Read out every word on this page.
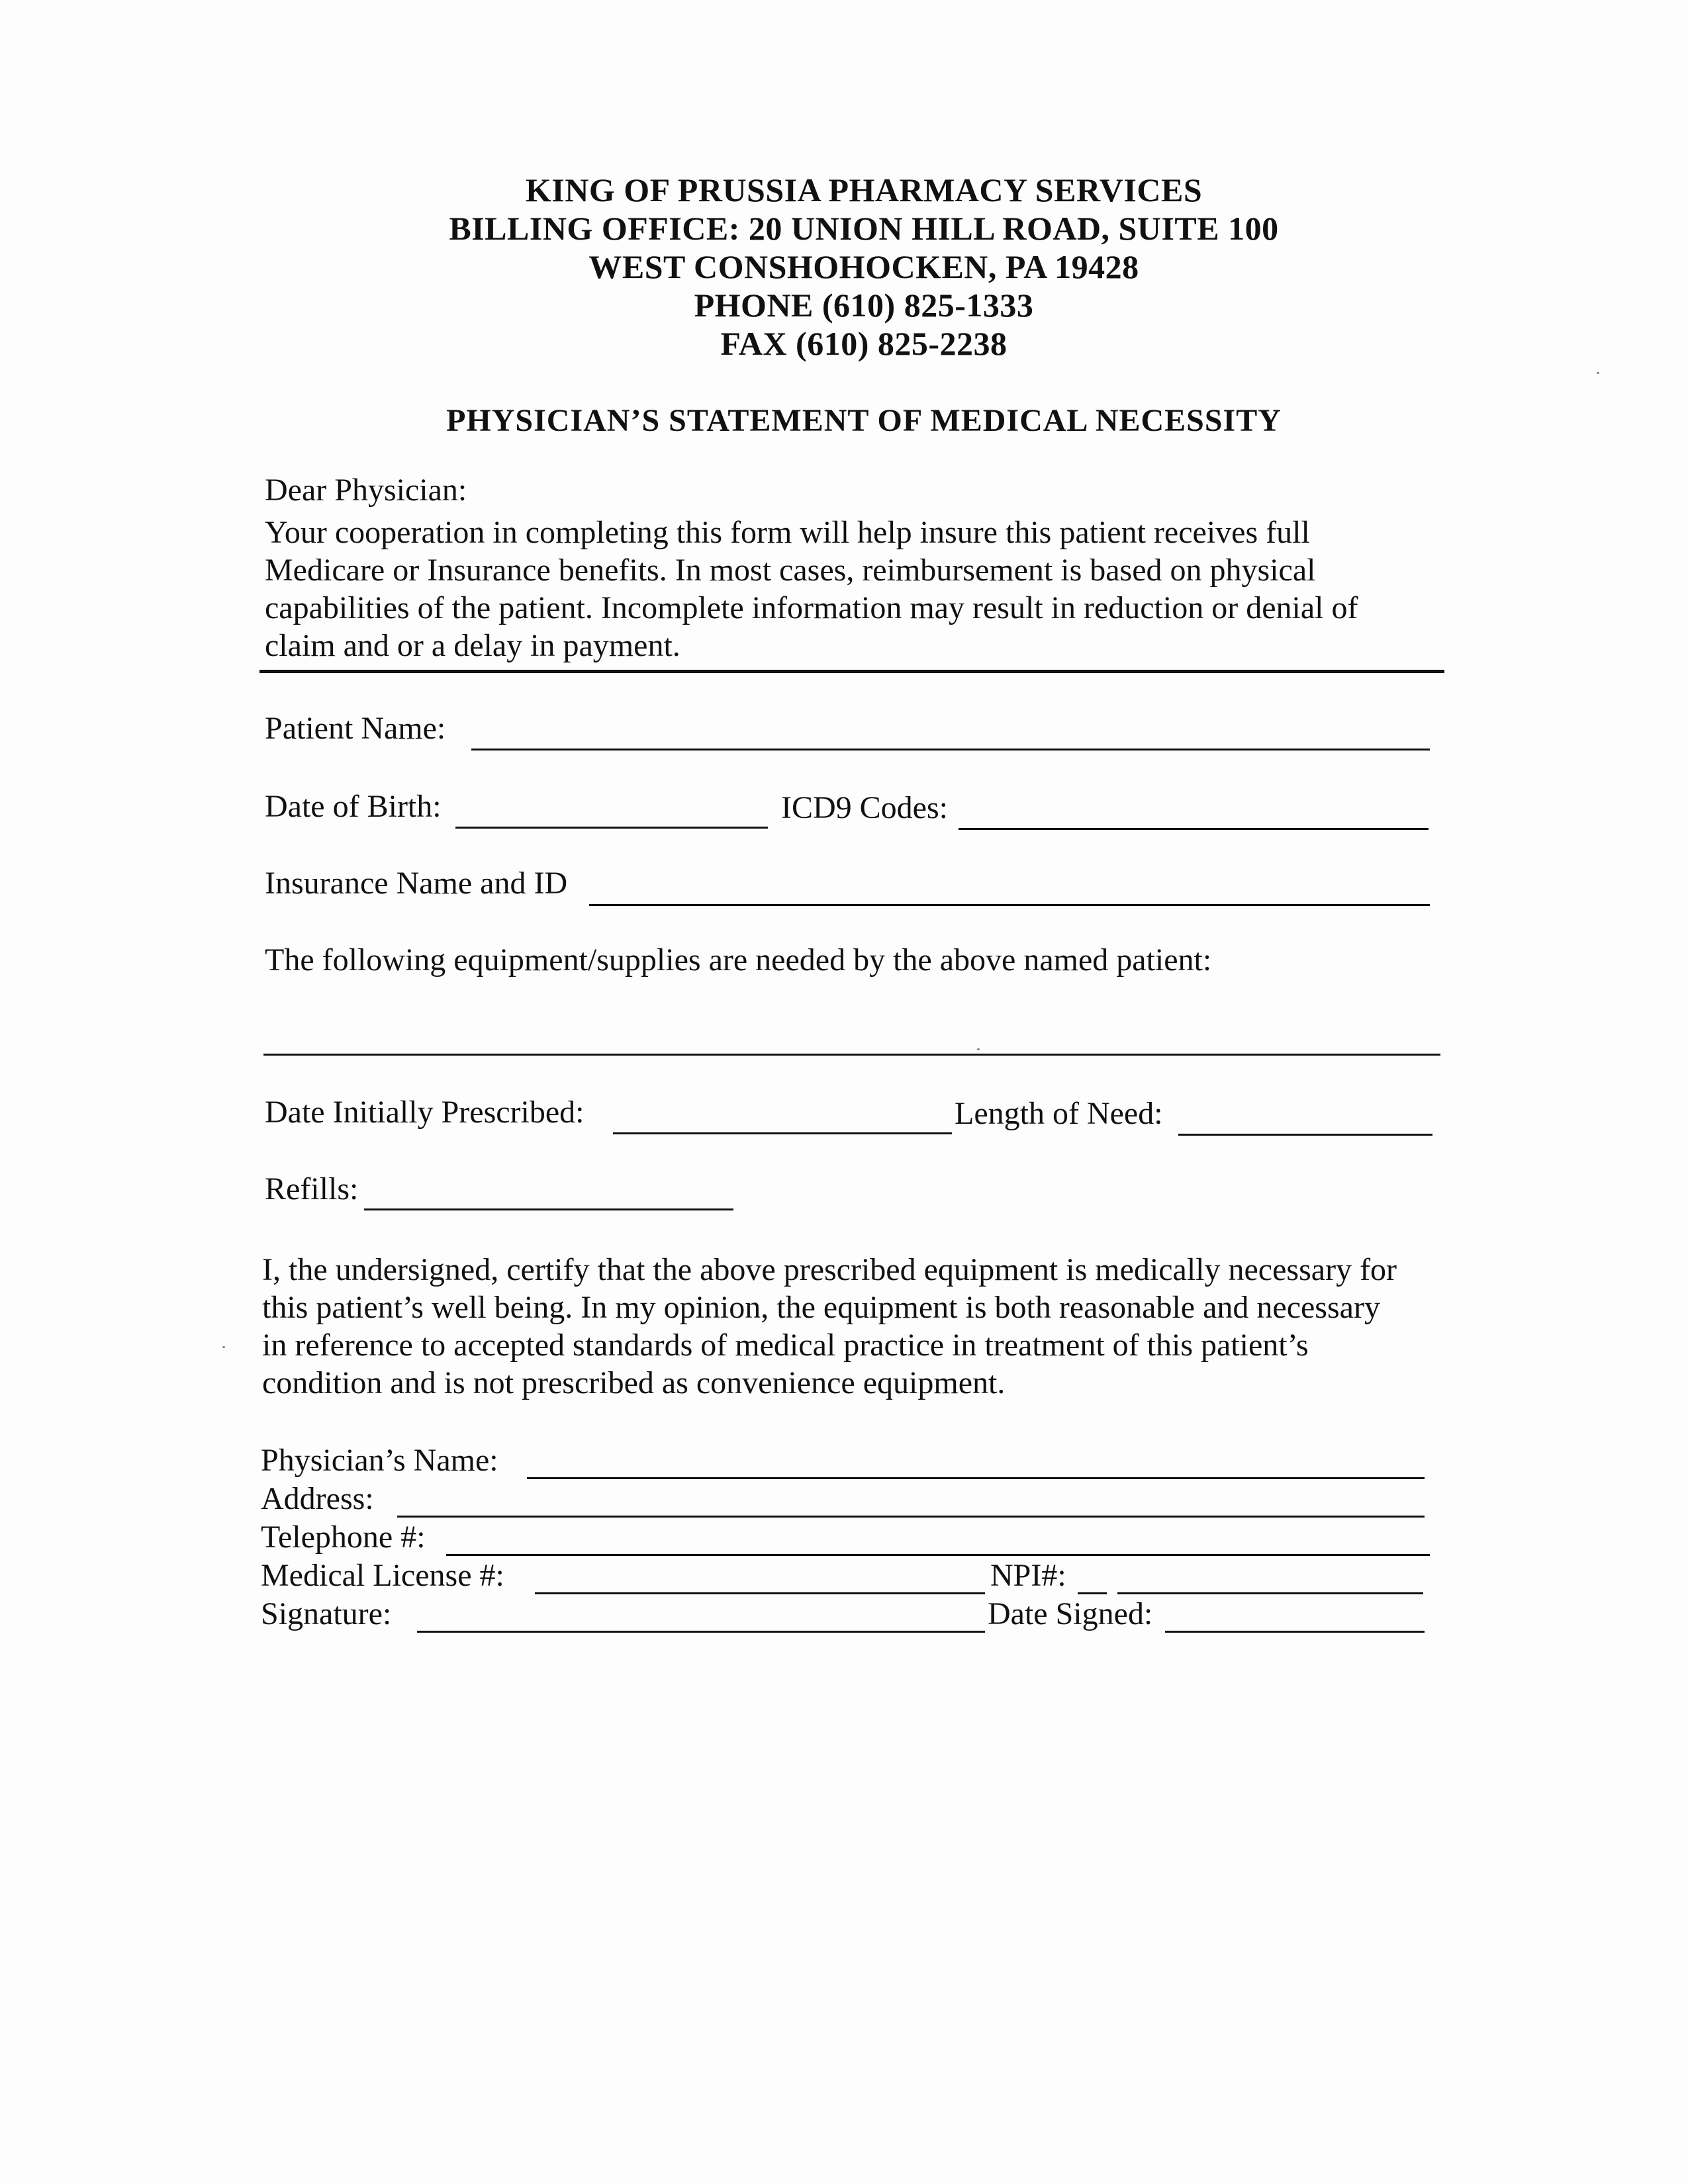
KING OF PRUSSIA PHARMACY SERVICES
BILLING OFFICE: 20 UNION HILL ROAD, SUITE 100
WEST CONSHOHOCKEN, PA 19428
PHONE (610) 825-1333
FAX (610) 825-2238
PHYSICIAN’S STATEMENT OF MEDICAL NECESSITY
Dear Physician:
Your cooperation in completing this form will help insure this patient receives full
Medicare or Insurance benefits. In most cases, reimbursement is based on physical
capabilities of the patient. Incomplete information may result in reduction or denial of
claim and or a delay in payment.
Patient Name:
Date of Birth:	ICD9 Codes:
Insurance Name and ID
The following equipment/supplies are needed by the above named patient:
Date Initially Prescribed:	Length of Need:
Refills:
I, the undersigned, certify that the above prescribed equipment is medically necessary for
this patient’s well being. In my opinion, the equipment is both reasonable and necessary
in reference to accepted standards of medical practice in treatment of this patient’s
condition and is not prescribed as convenience equipment.
Physician’s Name:
Address:
Telephone #:
Medical License #:	NPI#:
Signature:	Date Signed:
